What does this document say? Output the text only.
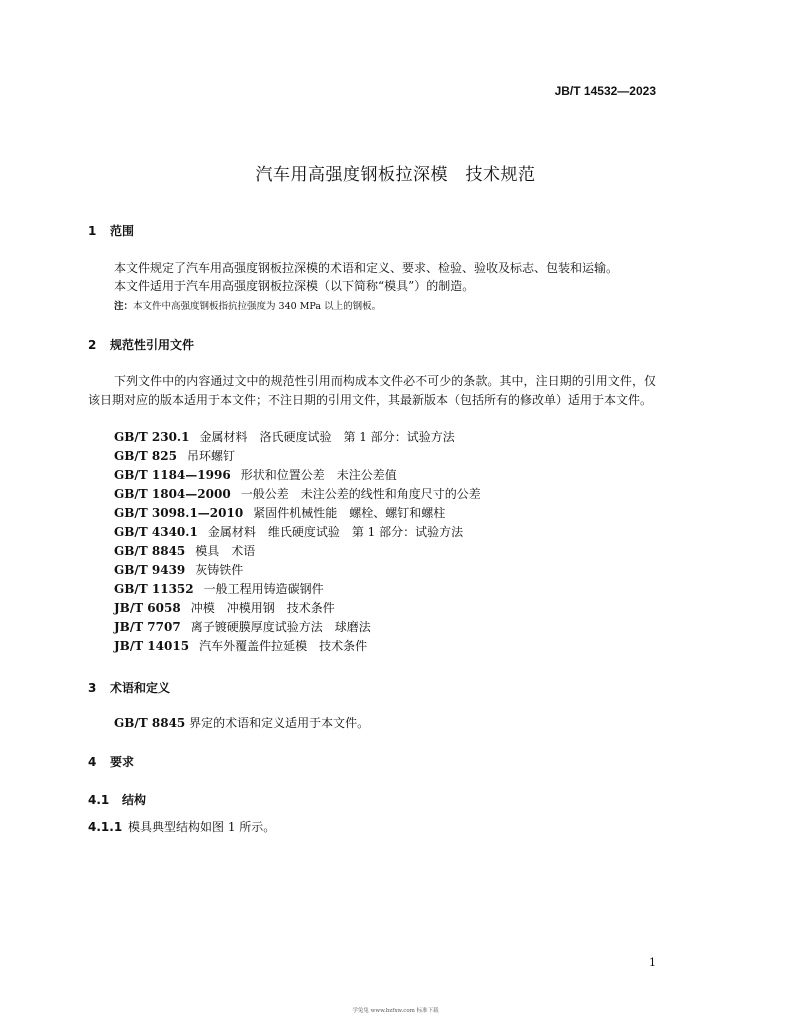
JB/T 14532—2023
汽车用高强度钢板拉深模　技术规范
1 范围
本文件规定了汽车用高强度钢板拉深模的术语和定义、要求、检验、验收及标志、包装和运输。
本文件适用于汽车用高强度钢板拉深模（以下简称“模具”）的制造。
注：本文件中高强度钢板指抗拉强度为 340 MPa 以上的钢板。
2 规范性引用文件
下列文件中的内容通过文中的规范性引用而构成本文件必不可少的条款。其中，注日期的引用文件，仅该日期对应的版本适用于本文件；不注日期的引用文件，其最新版本（包括所有的修改单）适用于本文件。
GB/T 230.1 金属材料　洛氏硬度试验　第 1 部分：试验方法
GB/T 825 吊环螺钉
GB/T 1184—1996 形状和位置公差　未注公差值
GB/T 1804—2000 一般公差　未注公差的线性和角度尺寸的公差
GB/T 3098.1—2010 紧固件机械性能　螺栓、螺钉和螺柱
GB/T 4340.1 金属材料　维氏硬度试验　第 1 部分：试验方法
GB/T 8845 模具　术语
GB/T 9439 灰铸铁件
GB/T 11352 一般工程用铸造碳钢件
JB/T 6058 冲模　冲模用钢　技术条件
JB/T 7707 离子镀硬膜厚度试验方法　球磨法
JB/T 14015 汽车外覆盖件拉延模　技术条件
3 术语和定义
GB/T 8845 界定的术语和定义适用于本文件。
4 要求
4.1 结构
4.1.1 模具典型结构如图 1 所示。
1
学兔兔 www.bzfxw.com 标准下载
